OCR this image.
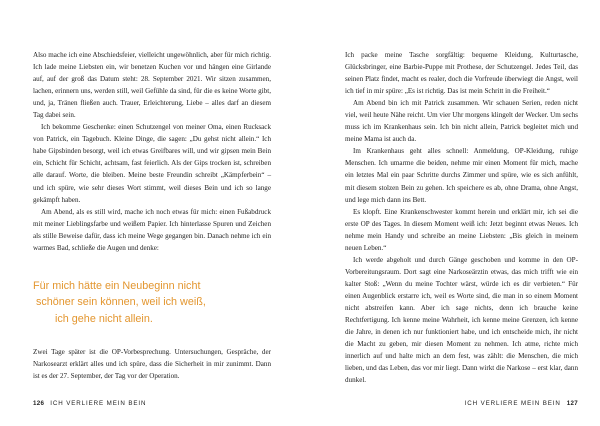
Also mache ich eine Abschiedsfeier, vielleicht ungewöhnlich, aber für mich richtig. Ich lade meine Liebsten ein, wir benetzen Kuchen vor und hängen eine Girlande auf, auf der groß das Datum steht: 28. September 2021. Wir sitzen zusammen, lachen, erinnern uns, werden still, weil Gefühle da sind, für die es keine Worte gibt, und, ja, Tränen fließen auch. Trauer, Erleichterung, Liebe – alles darf an diesem Tag dabei sein.

Ich bekomme Geschenke: einen Schutzengel von meiner Oma, einen Rucksack von Patrick, ein Tagebuch. Kleine Dinge, die sagen: „Du gehst nicht allein.“ Ich habe Gipsbinden besorgt, weil ich etwas Greifbares will, und wir gipsen mein Bein ein, Schicht für Schicht, achtsam, fast feierlich. Als der Gips trocken ist, schreiben alle darauf. Worte, die bleiben. Meine beste Freundin schreibt „Kämpferbein“ – und ich spüre, wie sehr dieses Wort stimmt, weil dieses Bein und ich so lange gekämpft haben.

Am Abend, als es still wird, mache ich noch etwas für mich: einen Fußabdruck mit meiner Lieblingsfarbe und weißem Papier. Ich hinterlasse Spuren und Zeichen als stille Beweise dafür, dass ich meine Wege gegangen bin. Danach nehme ich ein warmes Bad, schließe die Augen und denke:

Für mich hätte ein Neubeginn nicht
schöner sein können, weil ich weiß,
ich gehe nicht allein.

Zwei Tage später ist die OP-Vorbesprechung. Untersuchungen, Gespräche, der Narkosearzt erklärt alles und ich spüre, dass die Sicherheit in mir zunimmt. Dann ist es der 27. September, der Tag vor der Operation.

126 ICH VERLIERE MEIN BEIN

Ich packe meine Tasche sorgfältig: bequeme Kleidung, Kulturtasche, Glücksbringer, eine Barbie-Puppe mit Prothese, der Schutzengel. Jedes Teil, das seinen Platz findet, macht es realer, doch die Vorfreude überwiegt die Angst, weil ich tief in mir spüre: „Es ist richtig. Das ist mein Schritt in die Freiheit.“

Am Abend bin ich mit Patrick zusammen. Wir schauen Serien, reden nicht viel, weil heute Nähe reicht. Um vier Uhr morgens klingelt der Wecker. Um sechs muss ich im Krankenhaus sein. Ich bin nicht allein, Patrick begleitet mich und meine Mama ist auch da.

Im Krankenhaus geht alles schnell: Anmeldung, OP-Kleidung, ruhige Menschen. Ich umarme die beiden, nehme mir einen Moment für mich, mache ein letztes Mal ein paar Schritte durchs Zimmer und spüre, wie es sich anfühlt, mit diesem stolzen Bein zu gehen. Ich speichere es ab, ohne Drama, ohne Angst, und lege mich dann ins Bett.

Es klopft. Eine Krankenschwester kommt herein und erklärt mir, ich sei die erste OP des Tages. In diesem Moment weiß ich: Jetzt beginnt etwas Neues. Ich nehme mein Handy und schreibe an meine Liebsten: „Bis gleich in meinem neuen Leben.“

Ich werde abgeholt und durch Gänge geschoben und komme in den OP-Vorbereitungsraum. Dort sagt eine Narkoseärztin etwas, das mich trifft wie ein kalter Stoß: „Wenn du meine Tochter wärst, würde ich es dir verbieten.“ Für einen Augenblick erstarre ich, weil es Worte sind, die man in so einem Moment nicht abstreifen kann. Aber ich sage nichts, denn ich brauche keine Rechtfertigung. Ich kenne meine Wahrheit, ich kenne meine Grenzen, ich kenne die Jahre, in denen ich nur funktioniert habe, und ich entscheide mich, ihr nicht die Macht zu geben, mir diesen Moment zu nehmen. Ich atme, richte mich innerlich auf und halte mich an dem fest, was zählt: die Menschen, die mich lieben, und das Leben, das vor mir liegt. Dann wirkt die Narkose – erst klar, dann dunkel.

ICH VERLIERE MEIN BEIN 127
